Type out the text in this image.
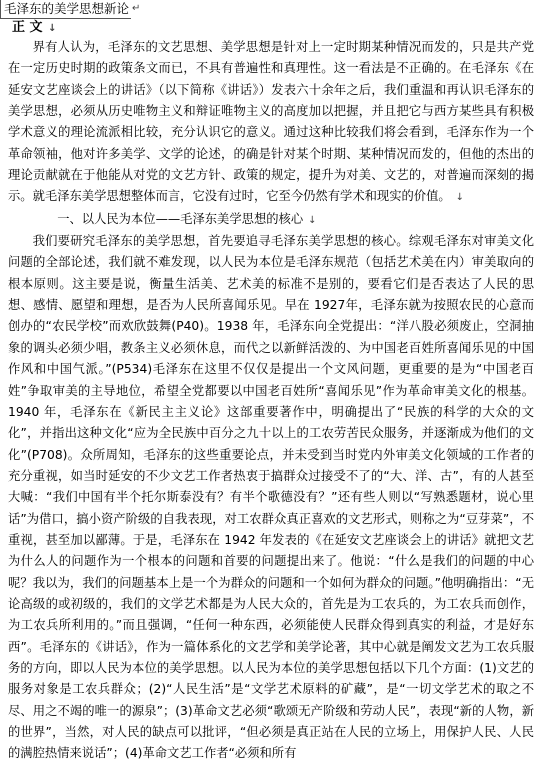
毛泽东的美学思想新论 ↵
正 文 ↓

界有人认为，毛泽东的文艺思想、美学思想是针对上一定时期某种情况而发的，只是共产党在一定历史时期的政策条文而已，不具有普遍性和真理性。这一看法是不正确的。在毛泽东《在延安文艺座谈会上的讲话》（以下简称《讲话》）发表六十余年之后，我们重温和再认识毛泽东的美学思想，必须从历史唯物主义和辩证唯物主义的高度加以把握，并且把它与西方某些具有积极学术意义的理论流派相比较，充分认识它的意义。通过这种比较我们将会看到，毛泽东作为一个革命领袖，他对许多美学、文学的论述，的确是针对某个时期、某种情况而发的，但他的杰出的理论贡献就在于他能从对党的文艺方针、政策的规定，提升为对美、文艺的，对普遍而深刻的揭示。就毛泽东美学思想整体而言，它没有过时，它至今仍然有学术和现实的价值。 ↓

一、以人民为本位——毛泽东美学思想的核心 ↓

我们要研究毛泽东的美学思想，首先要追寻毛泽东美学思想的核心。综观毛泽东对审美文化问题的全部论述，我们就不难发现，以人民为本位是毛泽东规范（包括艺术美在内）审美取向的根本原则。这主要是说，衡量生活美、艺术美的标准不是别的，要看它们是否表达了人民的思想、感情、愿望和理想，是否为人民所喜闻乐见。早在 1927年，毛泽东就为按照农民的心意而创办的“农民学校”而欢欣鼓舞(P40)。1938 年，毛泽东向全党提出：“洋八股必须废止，空洞抽象的调头必须少唱，教条主义必须休息，而代之以新鲜活泼的、为中国老百姓所喜闻乐见的中国作风和中国气派。”(P534)毛泽东在这里不仅仅是提出一个文风问题，更重要的是为“中国老百姓”争取审美的主导地位，希望全党都要以中国老百姓所“喜闻乐见”作为革命审美文化的根基。1940 年，毛泽东在《新民主主义论》这部重要著作中，明确提出了“民族的科学的大众的文化”，并指出这种文化“应为全民族中百分之九十以上的工农劳苦民众服务，并逐渐成为他们的文化”(P708)。众所周知，毛泽东的这些重要论点，并未受到当时党内外审美文化领域的工作者的充分重视，如当时延安的不少文艺工作者热衷于搞群众过接受不了的“大、洋、古”，有的人甚至大喊：“我们中国有半个托尔斯泰没有？有半个歌德没有？”还有些人则以“写熟悉题材，说心里话”为借口，搞小资产阶级的自我表现，对工农群众真正喜欢的文艺形式，则称之为“豆芽菜”，不重视，甚至加以鄙薄。于是，毛泽东在 1942 年发表的《在延安文艺座谈会上的讲话》就把文艺为什么人的问题作为一个根本的问题和首要的问题提出来了。他说：“什么是我们的问题的中心呢？我以为，我们的问题基本上是一个为群众的问题和一个如何为群众的问题。”他明确指出：“无论高级的或初级的，我们的文学艺术都是为人民大众的，首先是为工农兵的，为工农兵而创作，为工农兵所利用的。”而且强调，“任何一种东西，必须能使人民群众得到真实的利益，才是好东西”。毛泽东的《讲话》，作为一篇体系化的文艺学和美学论著，其中心就是阐发文艺为工农兵服务的方向，即以人民为本位的美学思想。以人民为本位的美学思想包括以下几个方面：(1)文艺的服务对象是工农兵群众；(2)“人民生活”是“文学艺术原料的矿藏”，是“一切文学艺术的取之不尽、用之不竭的唯一的源泉”；(3)革命文艺必须“歌颂无产阶级和劳动人民”，表现“新的人物，新的世界”，当然，对人民的缺点可以批评，“但必须是真正站在人民的立场上，用保护人民、人民的满腔热情来说话”；(4)革命文艺工作者“必须和所有
